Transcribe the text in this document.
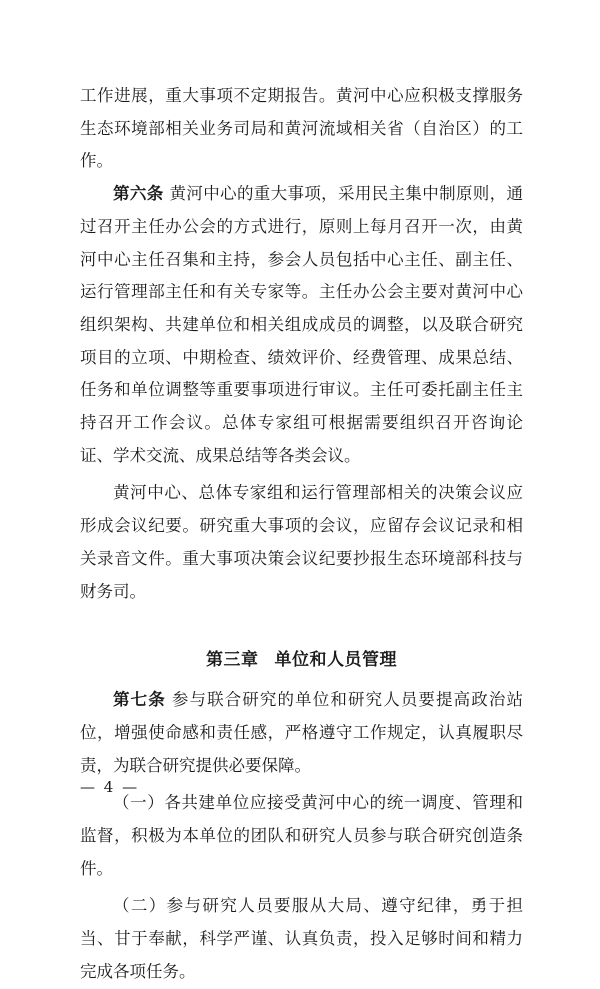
工作进展，重大事项不定期报告。黄河中心应积极支撑服务生态环境部相关业务司局和黄河流域相关省（自治区）的工作。

第六条 黄河中心的重大事项，采用民主集中制原则，通过召开主任办公会的方式进行，原则上每月召开一次，由黄河中心主任召集和主持，参会人员包括中心主任、副主任、运行管理部主任和有关专家等。主任办公会主要对黄河中心组织架构、共建单位和相关组成成员的调整，以及联合研究项目的立项、中期检查、绩效评价、经费管理、成果总结、任务和单位调整等重要事项进行审议。主任可委托副主任主持召开工作会议。总体专家组可根据需要组织召开咨询论证、学术交流、成果总结等各类会议。

黄河中心、总体专家组和运行管理部相关的决策会议应形成会议纪要。研究重大事项的会议，应留存会议记录和相关录音文件。重大事项决策会议纪要抄报生态环境部科技与财务司。

第三章 单位和人员管理

第七条 参与联合研究的单位和研究人员要提高政治站位，增强使命感和责任感，严格遵守工作规定，认真履职尽责，为联合研究提供必要保障。

（一）各共建单位应接受黄河中心的统一调度、管理和监督，积极为本单位的团队和研究人员参与联合研究创造条件。

（二）参与研究人员要服从大局、遵守纪律，勇于担当、甘于奉献，科学严谨、认真负责，投入足够时间和精力完成各项任务。

— 4 —
